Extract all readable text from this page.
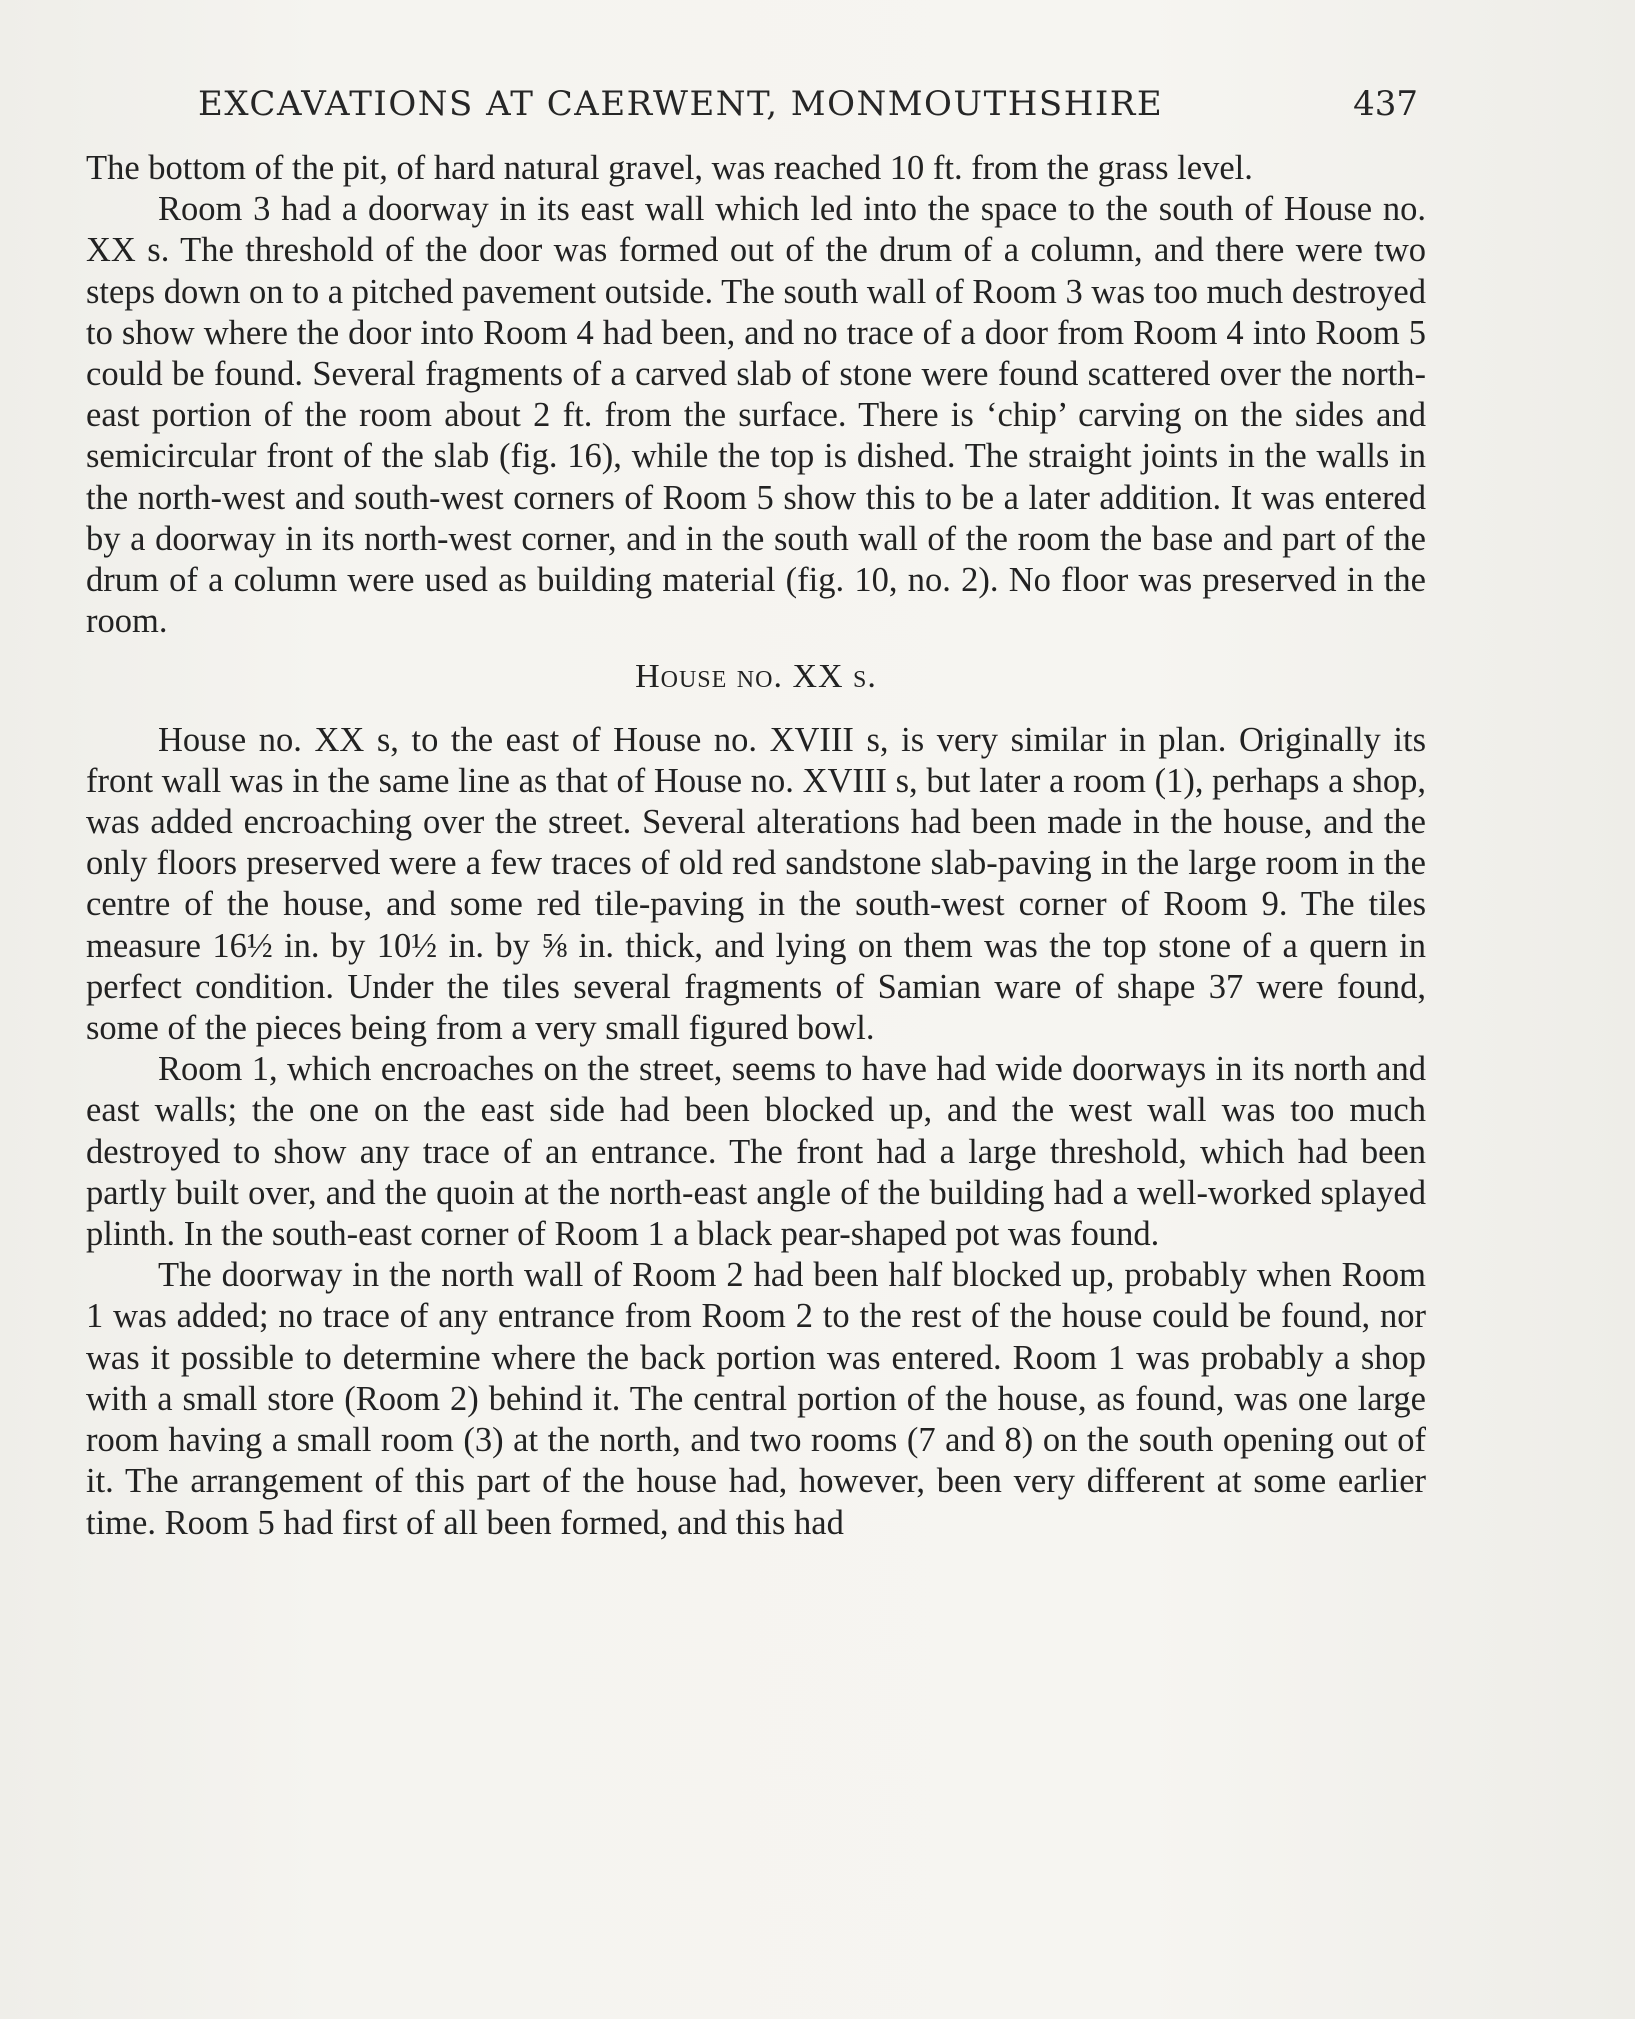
EXCAVATIONS AT CAERWENT, MONMOUTHSHIRE	437

The bottom of the pit, of hard natural gravel, was reached 10 ft. from the grass level.

Room 3 had a doorway in its east wall which led into the space to the south of House no. XX s. The threshold of the door was formed out of the drum of a column, and there were two steps down on to a pitched pavement outside. The south wall of Room 3 was too much destroyed to show where the door into Room 4 had been, and no trace of a door from Room 4 into Room 5 could be found. Several fragments of a carved slab of stone were found scattered over the north-east portion of the room about 2 ft. from the surface. There is ‘chip’ carving on the sides and semicircular front of the slab (fig. 16), while the top is dished. The straight joints in the walls in the north-west and south-west corners of Room 5 show this to be a later addition. It was entered by a doorway in its north-west corner, and in the south wall of the room the base and part of the drum of a column were used as building material (fig. 10, no. 2). No floor was preserved in the room.

House no. XX s.

House no. XX s, to the east of House no. XVIII s, is very similar in plan. Originally its front wall was in the same line as that of House no. XVIII s, but later a room (1), perhaps a shop, was added encroaching over the street. Several alterations had been made in the house, and the only floors preserved were a few traces of old red sandstone slab-paving in the large room in the centre of the house, and some red tile-paving in the south-west corner of Room 9. The tiles measure 16½ in. by 10½ in. by ⅝ in. thick, and lying on them was the top stone of a quern in perfect condition. Under the tiles several fragments of Samian ware of shape 37 were found, some of the pieces being from a very small figured bowl.

Room 1, which encroaches on the street, seems to have had wide doorways in its north and east walls; the one on the east side had been blocked up, and the west wall was too much destroyed to show any trace of an entrance. The front had a large threshold, which had been partly built over, and the quoin at the north-east angle of the building had a well-worked splayed plinth. In the south-east corner of Room 1 a black pear-shaped pot was found.

The doorway in the north wall of Room 2 had been half blocked up, probably when Room 1 was added; no trace of any entrance from Room 2 to the rest of the house could be found, nor was it possible to determine where the back portion was entered. Room 1 was probably a shop with a small store (Room 2) behind it. The central portion of the house, as found, was one large room having a small room (3) at the north, and two rooms (7 and 8) on the south opening out of it. The arrangement of this part of the house had, however, been very different at some earlier time. Room 5 had first of all been formed, and this had
